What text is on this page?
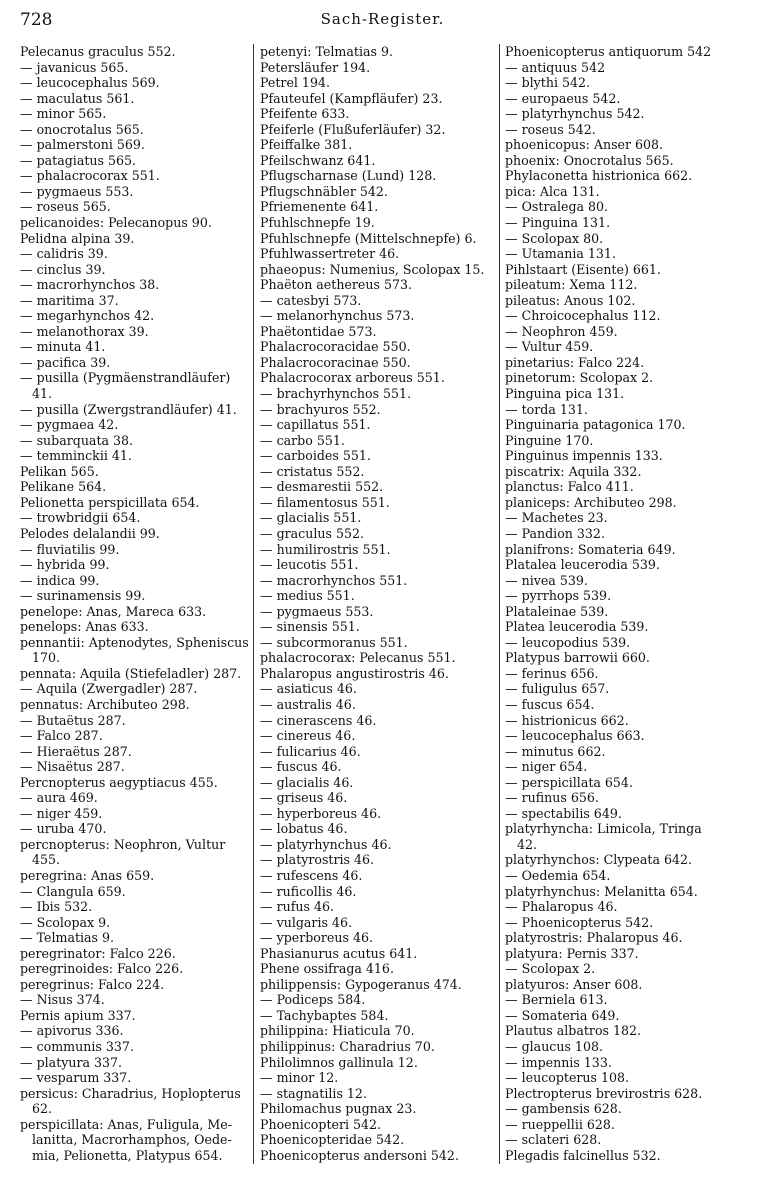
728	Sach-Register.
Pelecanus graculus 552.
— javanicus 565.
— leucocephalus 569.
— maculatus 561.
— minor 565.
— onocrotalus 565.
— palmerstoni 569.
— patagiatus 565.
— phalacrocorax 551.
— pygmaeus 553.
— roseus 565.
pelicanoides: Pelecanopus 90.
Pelidna alpina 39.
— calidris 39.
— cinclus 39.
— macrorhynchos 38.
— maritima 37.
— megarhynchos 42.
— melanothorax 39.
— minuta 41.
— pacifica 39.
— pusilla (Pygmäenstrandläufer)
41.
— pusilla (Zwergstrandläufer) 41.
— pygmaea 42.
— subarquata 38.
— temminckii 41.
Pelikan 565.
Pelikane 564.
Pelionetta perspicillata 654.
— trowbridgii 654.
Pelodes delalandii 99.
— fluviatilis 99.
— hybrida 99.
— indica 99.
— surinamensis 99.
penelope: Anas, Mareca 633.
penelops: Anas 633.
pennantii: Aptenodytes, Spheniscus
170.
pennata: Aquila (Stiefeladler) 287.
— Aquila (Zwergadler) 287.
pennatus: Archibuteo 298.
— Butaëtus 287.
— Falco 287.
— Hieraëtus 287.
— Nisaëtus 287.
Percnopterus aegyptiacus 455.
— aura 469.
— niger 459.
— uruba 470.
percnopterus: Neophron, Vultur
455.
peregrina: Anas 659.
— Clangula 659.
— Ibis 532.
— Scolopax 9.
— Telmatias 9.
peregrinator: Falco 226.
peregrinoides: Falco 226.
peregrinus: Falco 224.
— Nisus 374.
Pernis apium 337.
— apivorus 336.
— communis 337.
— platyura 337.
— vesparum 337.
persicus: Charadrius, Hoplopterus
62.
perspicillata: Anas, Fuligula, Me-
lanitta, Macrorhamphos, Oede-
mia, Pelionetta, Platypus 654.
petenyi: Telmatias 9.
Petersläufer 194.
Petrel 194.
Pfauteufel (Kampfläufer) 23.
Pfeifente 633.
Pfeiferle (Flußuferläufer) 32.
Pfeiffalke 381.
Pfeilschwanz 641.
Pflugscharnase (Lund) 128.
Pflugschnäbler 542.
Pfriemenente 641.
Pfuhlschnepfe 19.
Pfuhlschnepfe (Mittelschnepfe) 6.
Pfuhlwassertreter 46.
phaeopus: Numenius, Scolopax 15.
Phaëton aethereus 573.
— catesbyi 573.
— melanorhynchus 573.
Phaëtontidae 573.
Phalacrocoracidae 550.
Phalacrocoracinae 550.
Phalacrocorax arboreus 551.
— brachyrhynchos 551.
— brachyuros 552.
— capillatus 551.
— carbo 551.
— carboides 551.
— cristatus 552.
— desmarestii 552.
— filamentosus 551.
— glacialis 551.
— graculus 552.
— humilirostris 551.
— leucotis 551.
— macrorhynchos 551.
— medius 551.
— pygmaeus 553.
— sinensis 551.
— subcormoranus 551.
phalacrocorax: Pelecanus 551.
Phalaropus angustirostris 46.
— asiaticus 46.
— australis 46.
— cinerascens 46.
— cinereus 46.
— fulicarius 46.
— fuscus 46.
— glacialis 46.
— griseus 46.
— hyperboreus 46.
— lobatus 46.
— platyrhynchus 46.
— platyrostris 46.
— rufescens 46.
— ruficollis 46.
— rufus 46.
— vulgaris 46.
— yperboreus 46.
Phasianurus acutus 641.
Phene ossifraga 416.
philippensis: Gypogeranus 474.
— Podiceps 584.
— Tachybaptes 584.
philippina: Hiaticula 70.
philippinus: Charadrius 70.
Philolimnos gallinula 12.
— minor 12.
— stagnatilis 12.
Philomachus pugnax 23.
Phoenicopteri 542.
Phoenicopteridae 542.
Phoenicopterus andersoni 542.
Phoenicopterus antiquorum 542
— antiquus 542
— blythi 542.
— europaeus 542.
— platyrhynchus 542.
— roseus 542.
phoenicopus: Anser 608.
phoenix: Onocrotalus 565.
Phylaconetta histrionica 662.
pica: Alca 131.
— Ostralega 80.
— Pinguina 131.
— Scolopax 80.
— Utamania 131.
Pihlstaart (Eisente) 661.
pileatum: Xema 112.
pileatus: Anous 102.
— Chroicocephalus 112.
— Neophron 459.
— Vultur 459.
pinetarius: Falco 224.
pinetorum: Scolopax 2.
Pinguina pica 131.
— torda 131.
Pinguinaria patagonica 170.
Pinguine 170.
Pinguinus impennis 133.
piscatrix: Aquila 332.
planctus: Falco 411.
planiceps: Archibuteo 298.
— Machetes 23.
— Pandion 332.
planifrons: Somateria 649.
Platalea leucerodia 539.
— nivea 539.
— pyrrhops 539.
Plataleinae 539.
Platea leucerodia 539.
— leucopodius 539.
Platypus barrowii 660.
— ferinus 656.
— fuligulus 657.
— fuscus 654.
— histrionicus 662.
— leucocephalus 663.
— minutus 662.
— niger 654.
— perspicillata 654.
— rufinus 656.
— spectabilis 649.
platyrhyncha: Limicola, Tringa
42.
platyrhynchos: Clypeata 642.
— Oedemia 654.
platyrhynchus: Melanitta 654.
— Phalaropus 46.
— Phoenicopterus 542.
platyrostris: Phalaropus 46.
platyura: Pernis 337.
— Scolopax 2.
platyuros: Anser 608.
— Berniela 613.
— Somateria 649.
Plautus albatros 182.
— glaucus 108.
— impennis 133.
— leucopterus 108.
Plectropterus brevirostris 628.
— gambensis 628.
— rueppellii 628.
— sclateri 628.
Plegadis falcinellus 532.
